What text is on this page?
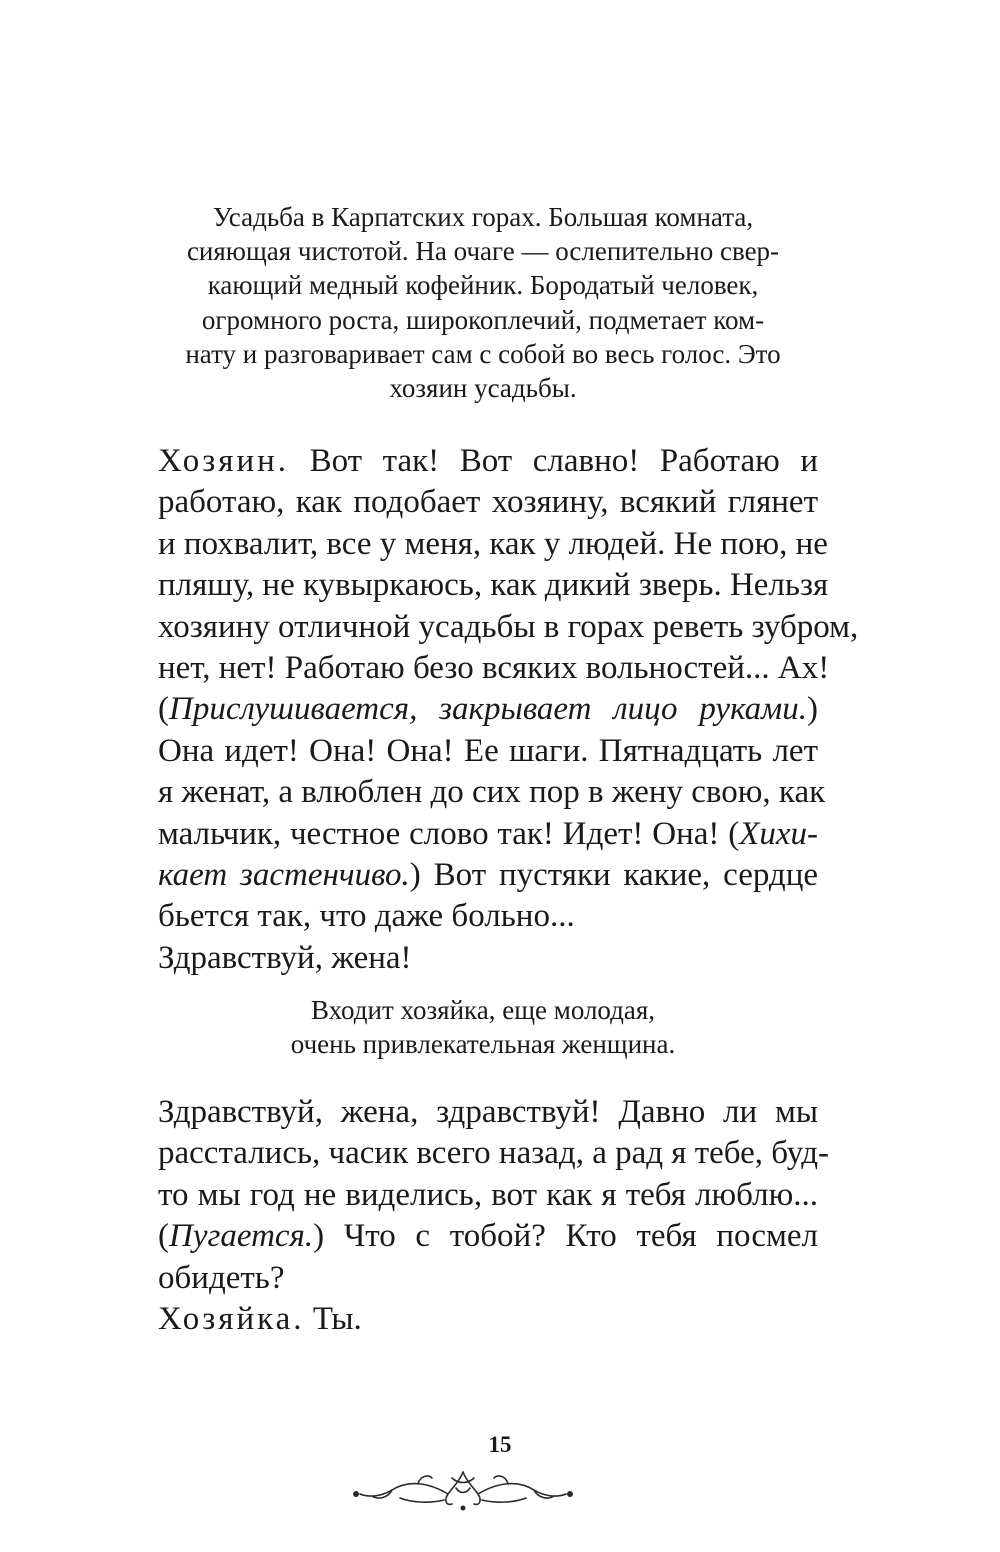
Усадьба в Карпатских горах. Большая комната,
сияющая чистотой. На очаге — ослепительно свер-
кающий медный кофейник. Бородатый человек,
огромного роста, широкоплечий, подметает ком-
нату и разговаривает сам с собой во весь голос. Это
хозяин усадьбы.

Хозяин. Вот так! Вот славно! Работаю и
работаю, как подобает хозяину, всякий глянет
и похвалит, все у меня, как у людей. Не пою, не
пляшу, не кувыркаюсь, как дикий зверь. Нельзя
хозяину отличной усадьбы в горах реветь зубром,
нет, нет! Работаю безо всяких вольностей... Ах!
(Прислушивается, закрывает лицо руками.)
Она идет! Она! Она! Ее шаги. Пятнадцать лет
я женат, а влюблен до сих пор в жену свою, как
мальчик, честное слово так! Идет! Она! (Хихи-
кает застенчиво.) Вот пустяки какие, сердце
бьется так, что даже больно...
Здравствуй, жена!

Входит хозяйка, еще молодая,
очень привлекательная женщина.

Здравствуй, жена, здравствуй! Давно ли мы
расстались, часик всего назад, а рад я тебе, буд-
то мы год не виделись, вот как я тебя люблю...
(Пугается.) Что с тобой? Кто тебя посмел
обидеть?
Хозяйка. Ты.

15
